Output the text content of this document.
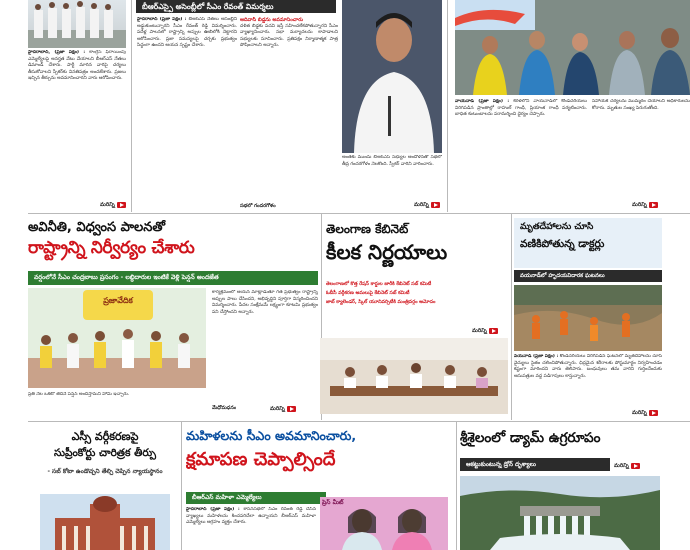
హైదరాబాద్‌, (ప్రజా పక్షం) : కాంగ్రెస్ ఫిరాయింపు ఎమ్మెల్యేలపై అనర్హత వేటు వేయాలని బీఆర్ఎస్ నేతలు డిమాండ్ చేశారు. పార్టీ మారిన వారిపై చర్యలు తీసుకోవాలని స్పీకర్‌కు వినతిపత్రం అందజేశారు. ప్రజలు ఇచ్చిన తీర్పును అవమానించారని వారు ఆరోపించారు.
మరిన్ని
బీఆర్ఎస్పై అసెంబ్లీలో సీఎం రేవంత్ విమర్శలు
హైదరాబాద్‌ (ప్రజా పక్షం) : బీఆర్ఎస్ నేతలు అసెంబ్లీని అడ్డుకుంటున్నారని సీఎం రేవంత్ రెడ్డి విమర్శించారు. పదేళ్ల పాలనలో రాష్ట్రాన్ని అప్పుల ఊబిలోకి నెట్టారని ఆరోపించారు. ప్రజా సమస్యలపై చర్చకు ప్రభుత్వం సిద్ధంగా ఉందని ఆయన స్పష్టం చేశారు.
ఆదివాసీ బిడ్డను అవమానించారు
దళిత బిడ్డకు పదవి ఇస్తే సహించలేకపోతున్నారని సీఎం వ్యాఖ్యానించారు. సభా మర్యాదలను కాపాడాలని సభ్యులకు సూచించారు. ప్రతిపక్షం నిర్మాణాత్మక పాత్ర పోషించాలని అన్నారు.
సభలో గందరగోళం
అంతకు ముందు బీఆర్ఎస్ సభ్యుల ఆందోళనతో సభలో తీవ్ర గందరగోళం నెలకొంది. స్పీకర్ వారిని వారించారు.
మరిన్ని
వాయనాడ్‌ (ప్రజా పక్షం) : కేరళలోని వాయనాడ్‌లో కొండచరియలు విరిగిపడిన ప్రాంతాల్లో రాహుల్ గాంధీ, ప్రియాంక గాంధీ పర్యటించారు. బాధిత కుటుంబాలను పరామర్శించి ధైర్యం చెప్పారు.
సహాయక చర్యలను ముమ్మరం చేయాలని అధికారులను కోరారు. మృతుల సంఖ్య పెరుగుతోంది.
మరిన్ని
అవినీతి, విధ్వంస పాలనతో
రాష్ట్రాన్ని నిర్వీర్యం చేశారు
వర్షంలోనే సీఎం చంద్రబాబు ప్రసంగం - లబ్ధిదారుల ఇంటికే వెళ్లి పెన్షన్ అందజేత
ప్రజావేదిక
కార్యక్రమంలో ఆయన మాట్లాడుతూ గత ప్రభుత్వం రాష్ట్రాన్ని అప్పుల పాలు చేసిందని, అభివృద్ధిని పూర్తిగా విస్మరించిందని విమర్శించారు. పేదల సంక్షేమమే లక్ష్యంగా కూటమి ప్రభుత్వం పని చేస్తోందని అన్నారు.
ప్రతి నెల ఒకటో తేదీనే పెన్షన్ అందిస్తామని హామీ ఇచ్చారు.
మేధోమధనం	మరిన్ని
తెలంగాణ కేబినెట్
కీలక నిర్ణయాలు
తెలంగాణలో కొత్త రేషన్ కార్డుల జారీకి కేబినెట్ సబ్ కమిటీ
ఓబీసీ వర్గీకరణ అమలుపై కేబినెట్ సబ్ కమిటీ
జాబ్ క్యాలెండర్, స్కిల్ యూనివర్సిటీకి మంత్రివర్గం ఆమోదం
మరిన్ని
మృతదేహాలను చూసి
వణికిపోతున్న డాక్టర్లు
వయనాడ్‌లో హృదయవిదారక ఘటనలు
వయనాడ్‌ (ప్రజా పక్షం) : కొండచరియలు విరిగిపడిన ఘటనలో మృతదేహాలను చూసి వైద్యులు సైతం చలించిపోతున్నారు. ఛిద్రమైన శరీరాలకు పోస్టుమార్టం నిర్వహించడం కష్టంగా మారిందని వారు తెలిపారు. బంధువులు తమ వారిని గుర్తించేందుకు ఆసుపత్రుల వద్ద పడిగాపులు కాస్తున్నారు.
మరిన్ని
ఎస్సీ వర్గీకరణపై
సుప్రీంకోర్టు చారిత్రక తీర్పు
- సబ్ కోటా ఉండొచ్చని తేల్చి చెప్పిన న్యాయస్థానం
మహిళలను సీఎం అవమానించారు,
క్షమాపణ చెప్పాల్సిందే
బీఆర్ఎస్ మహిళా ఎమ్మెల్యేలు
హైదరాబాద్‌ (ప్రజా పక్షం) : శాసనసభలో సీఎం రేవంత్ రెడ్డి చేసిన వ్యాఖ్యలు మహిళలను కించపరిచేలా ఉన్నాయని బీఆర్ఎస్ మహిళా ఎమ్మెల్యేలు ఆగ్రహం వ్యక్తం చేశారు.
ప్రెస్ మీట్
శ్రీశైలంలో డ్యామ్ ఉగ్రరూపం
ఆకట్టుకుంటున్న డ్రోన్ దృశ్యాలు	మరిన్ని
